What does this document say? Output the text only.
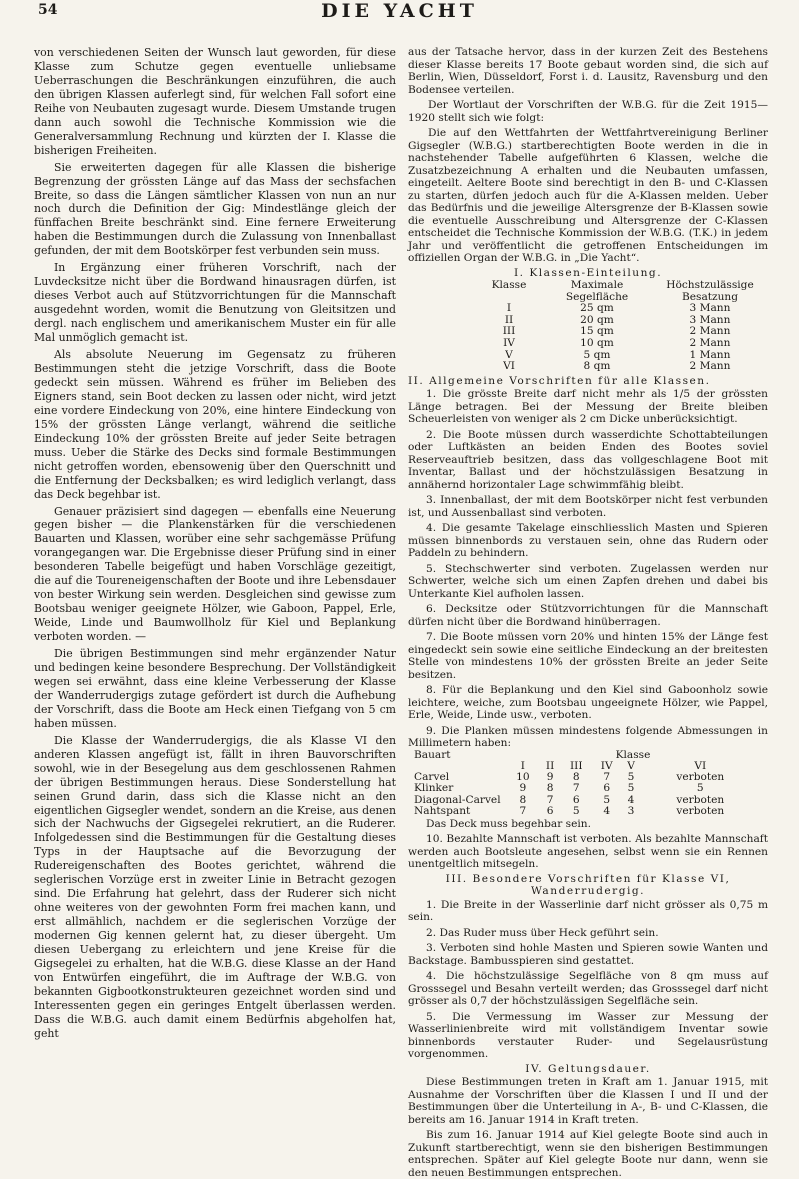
54	DIE YACHT

von verschiedenen Seiten der Wunsch laut geworden, für diese Klasse zum Schutze gegen eventuelle unliebsame Ueberraschungen die Beschränkungen einzuführen, die auch den übrigen Klassen auferlegt sind, für welchen Fall sofort eine Reihe von Neubauten zugesagt wurde. Diesem Umstande trugen dann auch sowohl die Technische Kommission wie die Generalversammlung Rechnung und kürzten der I. Klasse die bisherigen Freiheiten.

Sie erweiterten dagegen für alle Klassen die bisherige Begrenzung der grössten Länge auf das Mass der sechsfachen Breite, so dass die Längen sämtlicher Klassen von nun an nur noch durch die Definition der Gig: Mindestlänge gleich der fünffachen Breite beschränkt sind. Eine fernere Erweiterung haben die Bestimmungen durch die Zulassung von Innenballast gefunden, der mit dem Bootskörper fest verbunden sein muss.

In Ergänzung einer früheren Vorschrift, nach der Luvdecksitze nicht über die Bordwand hinausragen dürfen, ist dieses Verbot auch auf Stützvorrichtungen für die Mannschaft ausgedehnt worden, womit die Benutzung von Gleitsitzen und dergl. nach englischem und amerikanischem Muster ein für alle Mal unmöglich gemacht ist.

Als absolute Neuerung im Gegensatz zu früheren Bestimmungen steht die jetzige Vorschrift, dass die Boote gedeckt sein müssen. Während es früher im Belieben des Eigners stand, sein Boot decken zu lassen oder nicht, wird jetzt eine vordere Eindeckung von 20%, eine hintere Eindeckung von 15% der grössten Länge verlangt, während die seitliche Eindeckung 10% der grössten Breite auf jeder Seite betragen muss. Ueber die Stärke des Decks sind formale Bestimmungen nicht getroffen worden, ebensowenig über den Querschnitt und die Entfernung der Decksbalken; es wird lediglich verlangt, dass das Deck begehbar ist.

Genauer präzisiert sind dagegen — ebenfalls eine Neuerung gegen bisher — die Plankenstärken für die verschiedenen Bauarten und Klassen, worüber eine sehr sachgemässe Prüfung vorangegangen war. Die Ergebnisse dieser Prüfung sind in einer besonderen Tabelle beigefügt und haben Vorschläge gezeitigt, die auf die Toureneigenschaften der Boote und ihre Lebensdauer von bester Wirkung sein werden. Desgleichen sind gewisse zum Bootsbau weniger geeignete Hölzer, wie Gaboon, Pappel, Erle, Weide, Linde und Baumwollholz für Kiel und Beplankung verboten worden. —

Die übrigen Bestimmungen sind mehr ergänzender Natur und bedingen keine besondere Besprechung. Der Vollständigkeit wegen sei erwähnt, dass eine kleine Verbesserung der Klasse der Wanderrudergigs zutage gefördert ist durch die Aufhebung der Vorschrift, dass die Boote am Heck einen Tiefgang von 5 cm haben müssen.

Die Klasse der Wanderrudergigs, die als Klasse VI den anderen Klassen angefügt ist, fällt in ihren Bauvorschriften sowohl, wie in der Besegelung aus dem geschlossenen Rahmen der übrigen Bestimmungen heraus. Diese Sonderstellung hat seinen Grund darin, dass sich die Klasse nicht an den eigentlichen Gigsegler wendet, sondern an die Kreise, aus denen sich der Nachwuchs der Gigsegelei rekrutiert, an die Ruderer. Infolgedessen sind die Bestimmungen für die Gestaltung dieses Typs in der Hauptsache auf die Bevorzugung der Rudereigenschaften des Bootes gerichtet, während die seglerischen Vorzüge erst in zweiter Linie in Betracht gezogen sind. Die Erfahrung hat gelehrt, dass der Ruderer sich nicht ohne weiteres von der gewohnten Form frei machen kann, und erst allmählich, nachdem er die seglerischen Vorzüge der modernen Gig kennen gelernt hat, zu dieser übergeht. Um diesen Uebergang zu erleichtern und jene Kreise für die Gigsegelei zu erhalten, hat die W.B.G. diese Klasse an der Hand von Entwürfen eingeführt, die im Auftrage der W.B.G. von bekannten Gigbootkonstrukteuren gezeichnet worden sind und Interessenten gegen ein geringes Entgelt überlassen werden. Dass die W.B.G. auch damit einem Bedürfnis abgeholfen hat, geht

aus der Tatsache hervor, dass in der kurzen Zeit des Bestehens dieser Klasse bereits 17 Boote gebaut worden sind, die sich auf Berlin, Wien, Düsseldorf, Forst i. d. Lausitz, Ravensburg und den Bodensee verteilen.

Der Wortlaut der Vorschriften der W.B.G. für die Zeit 1915—1920 stellt sich wie folgt:

Die auf den Wettfahrten der Wettfahrtvereinigung Berliner Gigsegler (W.B.G.) startberechtigten Boote werden in die in nachstehender Tabelle aufgeführten 6 Klassen, welche die Zusatzbezeichnung A erhalten und die Neubauten umfassen, eingeteilt. Aeltere Boote sind berechtigt in den B- und C-Klassen zu starten, dürfen jedoch auch für die A-Klassen melden. Ueber das Bedürfnis und die jeweilige Altersgrenze der B-Klassen sowie die eventuelle Ausschreibung und Altersgrenze der C-Klassen entscheidet die Technische Kommission der W.B.G. (T.K.) in jedem Jahr und veröffentlicht die getroffenen Entscheidungen im offiziellen Organ der W.B.G. in „Die Yacht“.

I. Klassen-Einteilung.
Klasse	Maximale Segelfläche	Höchstzulässige Besatzung
I	25 qm	3 Mann
II	20 qm	3 Mann
III	15 qm	2 Mann
IV	10 qm	2 Mann
V	5 qm	1 Mann
VI	8 qm	2 Mann
II. Allgemeine Vorschriften für alle Klassen.

1. Die grösste Breite darf nicht mehr als 1/5 der grössten Länge betragen. Bei der Messung der Breite bleiben Scheuerleisten von weniger als 2 cm Dicke unberücksichtigt.

2. Die Boote müssen durch wasserdichte Schottabteilungen oder Luftkästen an beiden Enden des Bootes soviel Reserveauftrieb besitzen, dass das vollgeschlagene Boot mit Inventar, Ballast und der höchstzulässigen Besatzung in annähernd horizontaler Lage schwimmfähig bleibt.

3. Innenballast, der mit dem Bootskörper nicht fest verbunden ist, und Aussenballast sind verboten.

4. Die gesamte Takelage einschliesslich Masten und Spieren müssen binnenbords zu verstauen sein, ohne das Rudern oder Paddeln zu behindern.

5. Stechschwerter sind verboten. Zugelassen werden nur Schwerter, welche sich um einen Zapfen drehen und dabei bis Unterkante Kiel aufholen lassen.

6. Decksitze oder Stützvorrichtungen für die Mannschaft dürfen nicht über die Bordwand hinüberragen.

7. Die Boote müssen vorn 20% und hinten 15% der Länge fest eingedeckt sein sowie eine seitliche Eindeckung an der breitesten Stelle von mindestens 10% der grössten Breite an jeder Seite besitzen.

8. Für die Beplankung und den Kiel sind Gaboonholz sowie leichtere, weiche, zum Bootsbau ungeeignete Hölzer, wie Pappel, Erle, Weide, Linde usw., verboten.

9. Die Planken müssen mindestens folgende Abmessungen in Millimetern haben:

Bauart	Klasse					
	I	II	III	IV	V	VI
Carvel	10	9	8	7	5	verboten
Klinker	9	8	7	6	5	5
Diagonal-Carvel	8	7	6	5	4	verboten
Nahtspant	7	6	5	4	3	verboten

Das Deck muss begehbar sein.

10. Bezahlte Mannschaft ist verboten. Als bezahlte Mannschaft werden auch Bootsleute angesehen, selbst wenn sie ein Rennen unentgeltlich mitsegeln.

III. Besondere Vorschriften für Klasse VI, Wanderrudergig.

1. Die Breite in der Wasserlinie darf nicht grösser als 0,75 m sein.

2. Das Ruder muss über Heck geführt sein.

3. Verboten sind hohle Masten und Spieren sowie Wanten und Backstage. Bambusspieren sind gestattet.

4. Die höchstzulässige Segelfläche von 8 qm muss auf Grosssegel und Besahn verteilt werden; das Grosssegel darf nicht grösser als 0,7 der höchstzulässigen Segelfläche sein.

5. Die Vermessung im Wasser zur Messung der Wasserlinienbreite wird mit vollständigem Inventar sowie binnenbords verstauter Ruder- und Segelausrüstung vorgenommen.

IV. Geltungsdauer.

Diese Bestimmungen treten in Kraft am 1. Januar 1915, mit Ausnahme der Vorschriften über die Klassen I und II und der Bestimmungen über die Unterteilung in A-, B- und C-Klassen, die bereits am 16. Januar 1914 in Kraft treten.

Bis zum 16. Januar 1914 auf Kiel gelegte Boote sind auch in Zukunft startberechtigt, wenn sie den bisherigen Bestimmungen entsprechen. Später auf Kiel gelegte Boote nur dann, wenn sie den neuen Bestimmungen entsprechen.
